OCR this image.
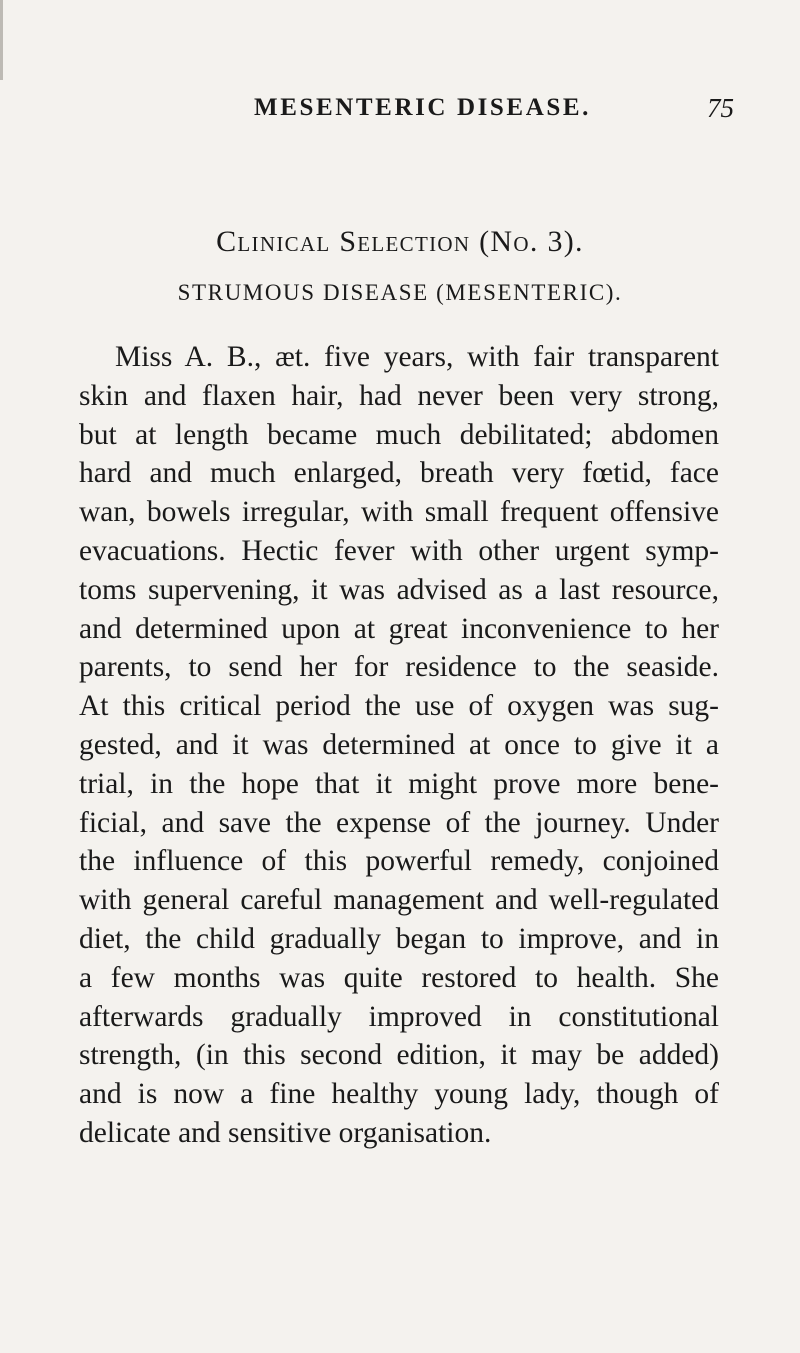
MESENTERIC DISEASE.	75
Clinical Selection (No. 3).
STRUMOUS DISEASE (MESENTERIC).
Miss A. B., æt. five years, with fair transparent
skin and flaxen hair, had never been very strong,
but at length became much debilitated; abdomen
hard and much enlarged, breath very fœtid, face
wan, bowels irregular, with small frequent offensive
evacuations. Hectic fever with other urgent symp-
toms supervening, it was advised as a last resource,
and determined upon at great inconvenience to her
parents, to send her for residence to the seaside.
At this critical period the use of oxygen was sug-
gested, and it was determined at once to give it a
trial, in the hope that it might prove more bene-
ficial, and save the expense of the journey. Under
the influence of this powerful remedy, conjoined
with general careful management and well-regulated
diet, the child gradually began to improve, and in
a few months was quite restored to health. She
afterwards gradually improved in constitutional
strength, (in this second edition, it may be added)
and is now a fine healthy young lady, though of
delicate and sensitive organisation.
